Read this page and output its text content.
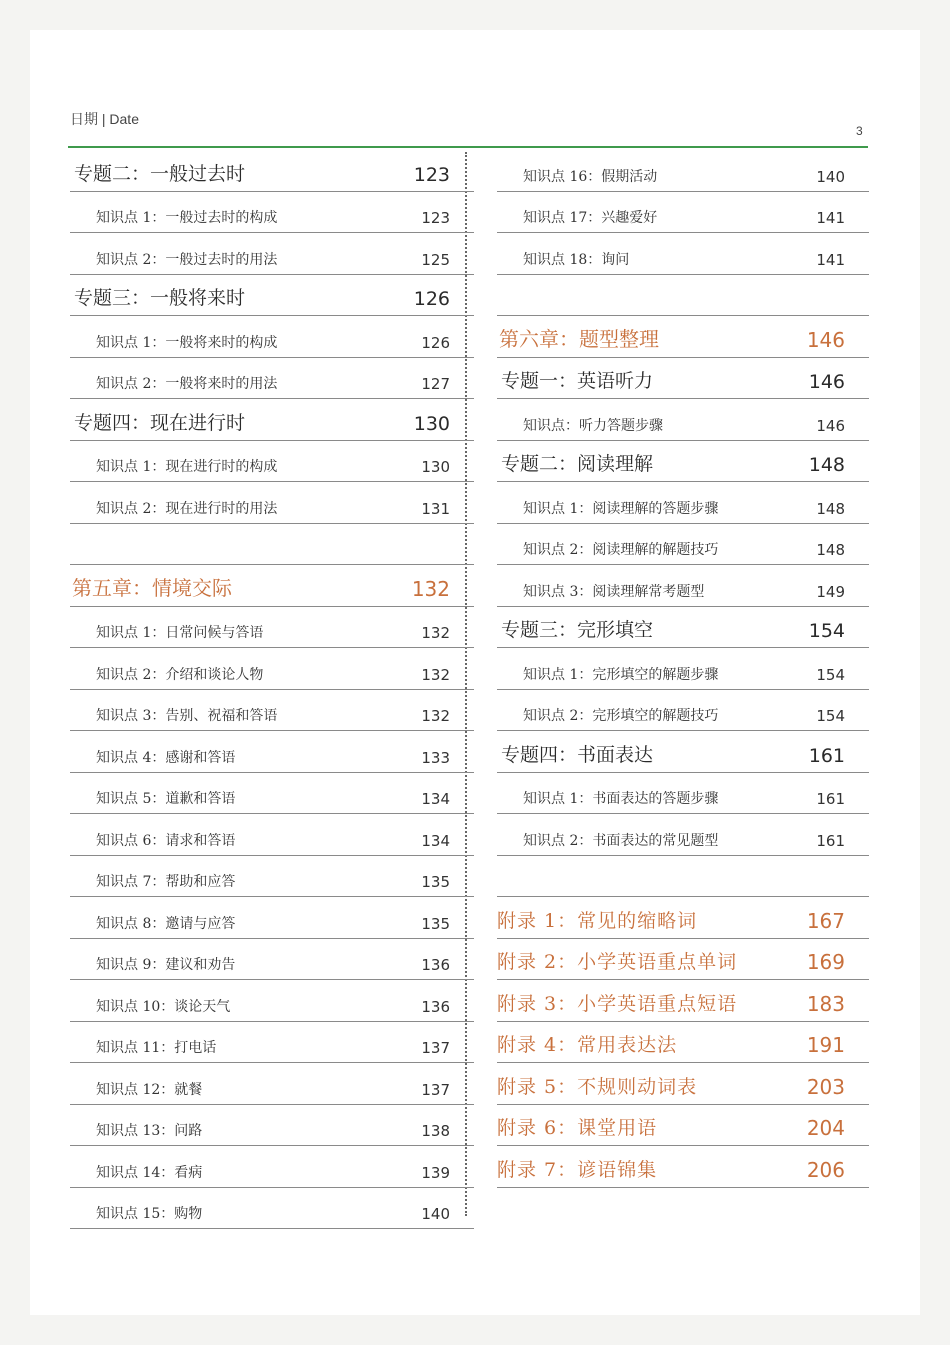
日期 | Date
3
专题二：一般过去时	123
知识点 1：一般过去时的构成	123
知识点 2：一般过去时的用法	125
专题三：一般将来时	126
知识点 1：一般将来时的构成	126
知识点 2：一般将来时的用法	127
专题四：现在进行时	130
知识点 1：现在进行时的构成	130
知识点 2：现在进行时的用法	131
第五章：情境交际	132
知识点 1：日常问候与答语	132
知识点 2：介绍和谈论人物	132
知识点 3：告别、祝福和答语	132
知识点 4：感谢和答语	133
知识点 5：道歉和答语	134
知识点 6：请求和答语	134
知识点 7：帮助和应答	135
知识点 8：邀请与应答	135
知识点 9：建议和劝告	136
知识点 10：谈论天气	136
知识点 11：打电话	137
知识点 12：就餐	137
知识点 13：问路	138
知识点 14：看病	139
知识点 15：购物	140
知识点 16：假期活动	140
知识点 17：兴趣爱好	141
知识点 18：询问	141
第六章：题型整理	146
专题一：英语听力	146
知识点：听力答题步骤	146
专题二：阅读理解	148
知识点 1：阅读理解的答题步骤	148
知识点 2：阅读理解的解题技巧	148
知识点 3：阅读理解常考题型	149
专题三：完形填空	154
知识点 1：完形填空的解题步骤	154
知识点 2：完形填空的解题技巧	154
专题四：书面表达	161
知识点 1：书面表达的答题步骤	161
知识点 2：书面表达的常见题型	161
附录 1：常见的缩略词	167
附录 2：小学英语重点单词	169
附录 3：小学英语重点短语	183
附录 4：常用表达法	191
附录 5：不规则动词表	203
附录 6：课堂用语	204
附录 7：谚语锦集	206
